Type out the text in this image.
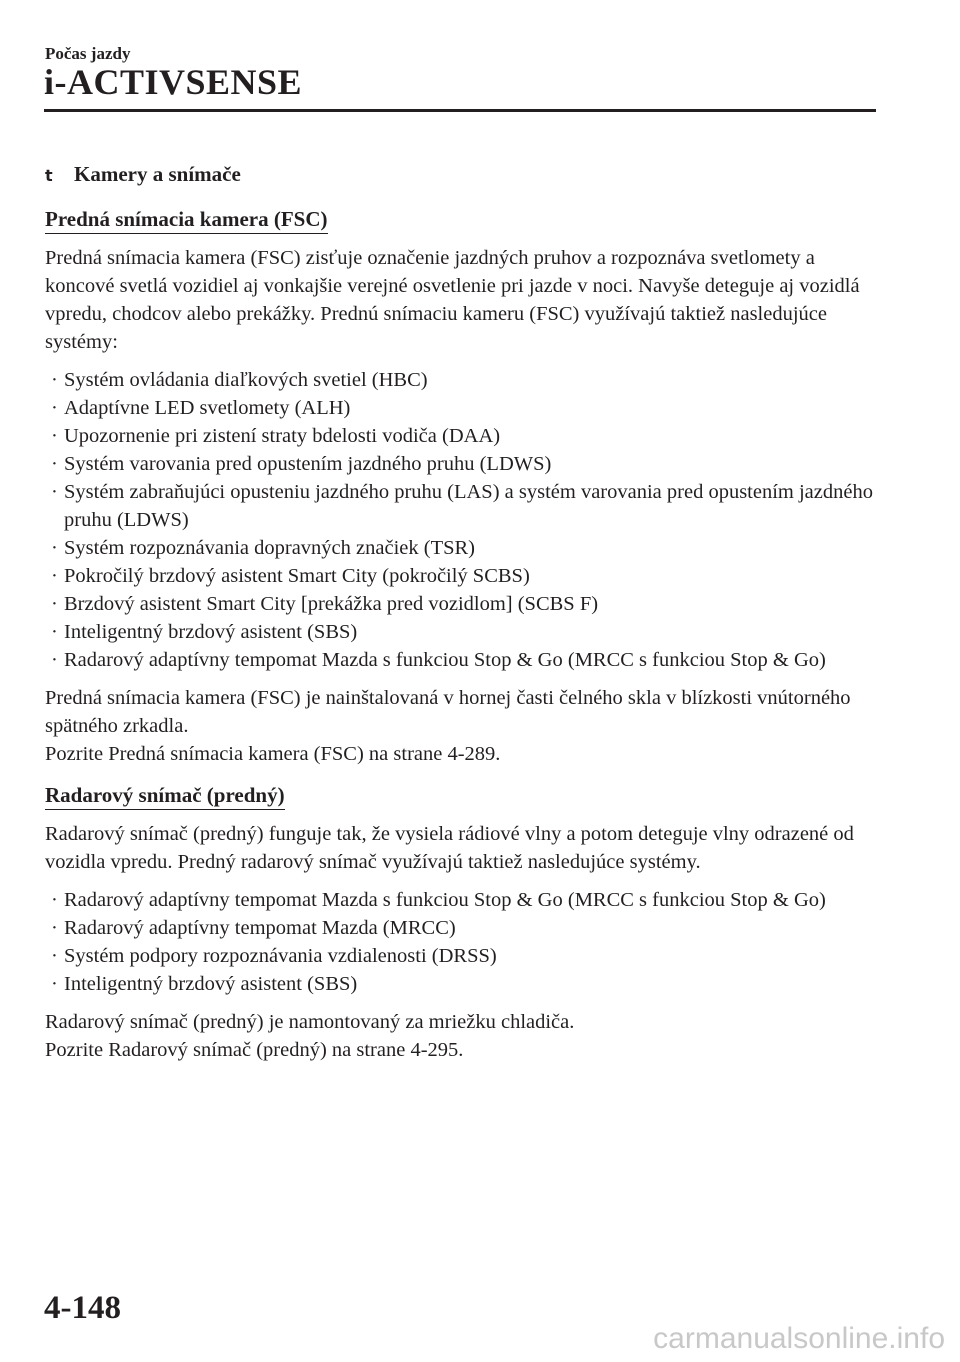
Počas jazdy
i-ACTIVSENSE
t	Kamery a snímače
Predná snímacia kamera (FSC)

Predná snímacia kamera (FSC) zisťuje označenie jazdných pruhov a rozpoznáva svetlomety a koncové svetlá vozidiel aj vonkajšie verejné osvetlenie pri jazde v noci. Navyše deteguje aj vozidlá vpredu, chodcov alebo prekážky. Prednú snímaciu kameru (FSC) využívajú taktiež nasledujúce systémy:

· Systém ovládania diaľkových svetiel (HBC)
· Adaptívne LED svetlomety (ALH)
· Upozornenie pri zistení straty bdelosti vodiča (DAA)
· Systém varovania pred opustením jazdného pruhu (LDWS)
· Systém zabraňujúci opusteniu jazdného pruhu (LAS) a systém varovania pred opustením jazdného pruhu (LDWS)
· Systém rozpoznávania dopravných značiek (TSR)
· Pokročilý brzdový asistent Smart City (pokročilý SCBS)
· Brzdový asistent Smart City [prekážka pred vozidlom] (SCBS F)
· Inteligentný brzdový asistent (SBS)
· Radarový adaptívny tempomat Mazda s funkciou Stop & Go (MRCC s funkciou Stop & Go)
Predná snímacia kamera (FSC) je nainštalovaná v hornej časti čelného skla v blízkosti vnútorného spätného zrkadla.
Pozrite Predná snímacia kamera (FSC) na strane 4-289.
Radarový snímač (predný)

Radarový snímač (predný) funguje tak, že vysiela rádiové vlny a potom deteguje vlny odrazené od vozidla vpredu. Predný radarový snímač využívajú taktiež nasledujúce systémy.

· Radarový adaptívny tempomat Mazda s funkciou Stop & Go (MRCC s funkciou Stop & Go)
· Radarový adaptívny tempomat Mazda (MRCC)
· Systém podpory rozpoznávania vzdialenosti (DRSS)
· Inteligentný brzdový asistent (SBS)
Radarový snímač (predný) je namontovaný za mriežku chladiča.
Pozrite Radarový snímač (predný) na strane 4-295.
4-148
carmanualsonline.info
